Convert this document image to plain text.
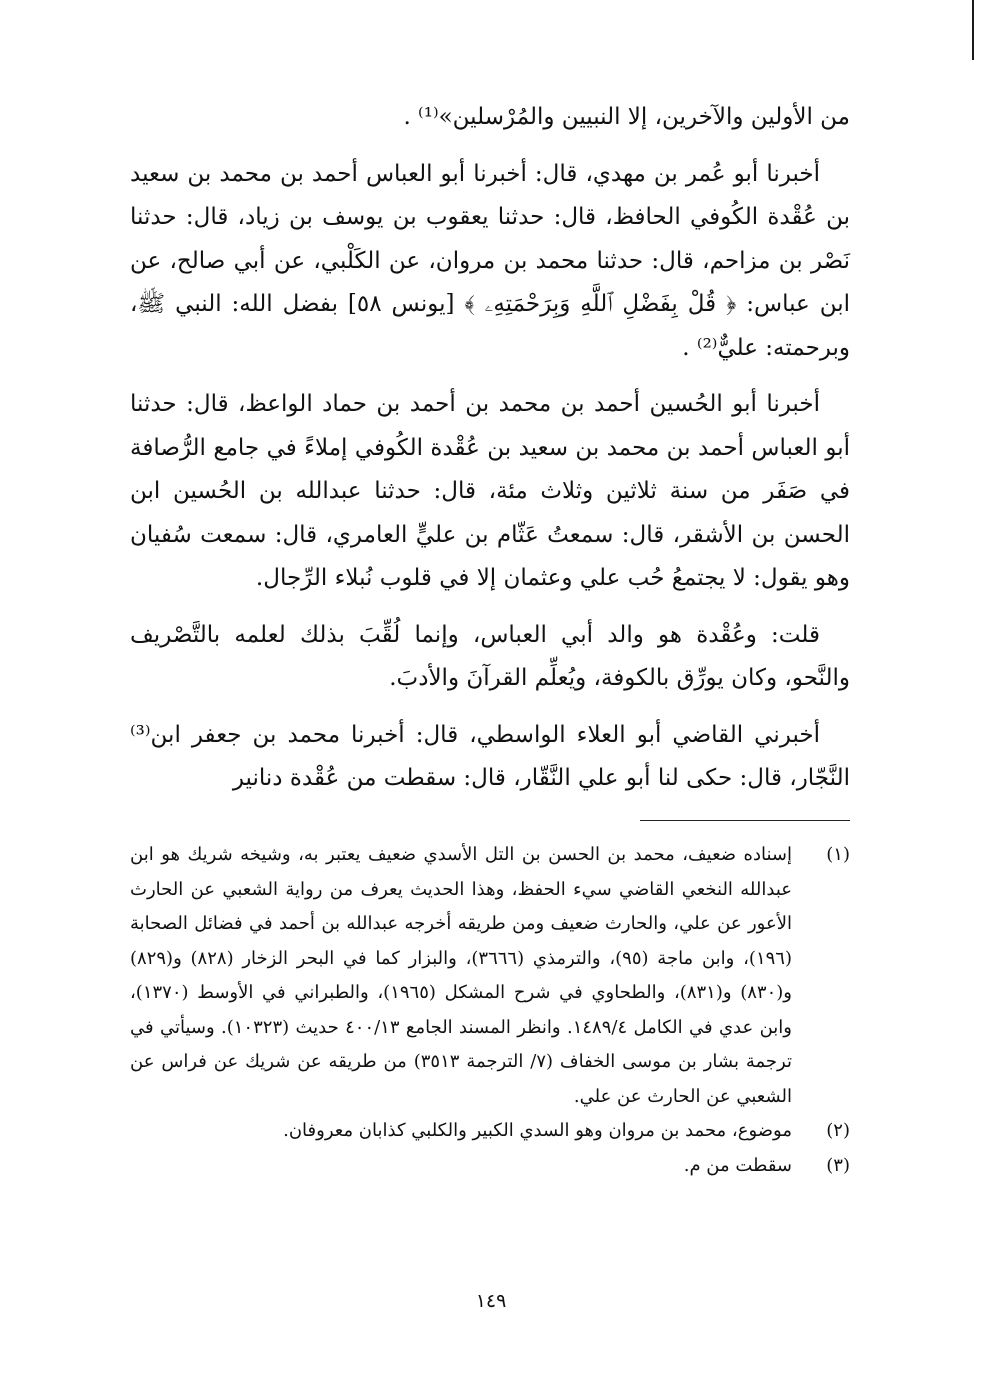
من الأولين والآخرين، إلا النبيين والمُرْسلين»⁽¹⁾ .

أخبرنا أبو عُمر بن مهدي، قال: أخبرنا أبو العباس أحمد بن محمد بن سعيد بن عُقْدة الكُوفي الحافظ، قال: حدثنا يعقوب بن يوسف بن زياد، قال: حدثنا نَصْر بن مزاحم، قال: حدثنا محمد بن مروان، عن الكَلْبي، عن أبي صالح، عن ابن عباس: ﴿ قُلْ بِفَضْلِ ٱللَّهِ وَبِرَحْمَتِهِۦ ﴾ [يونس ٥٨] بفضل الله: النبي ﷺ، وبرحمته: عليٌّ⁽²⁾ .

أخبرنا أبو الحُسين أحمد بن محمد بن أحمد بن حماد الواعظ، قال: حدثنا أبو العباس أحمد بن محمد بن سعيد بن عُقْدة الكُوفي إملاءً في جامع الرُّصافة في صَفَر من سنة ثلاثين وثلاث مئة، قال: حدثنا عبدالله بن الحُسين ابن الحسن بن الأشقر، قال: سمعتُ عَثّام بن عليٍّ العامري، قال: سمعت سُفيان وهو يقول: لا يجتمعُ حُب علي وعثمان إلا في قلوب نُبلاء الرِّجال.

قلت: وعُقْدة هو والد أبي العباس، وإنما لُقِّبَ بذلك لعلمه بالتَّصْريف والنَّحو، وكان يورِّق بالكوفة، ويُعلِّم القرآنَ والأدبَ.

أخبرني القاضي أبو العلاء الواسطي، قال: أخبرنا محمد بن جعفر ابن⁽³⁾ النَّجّار، قال: حكى لنا أبو علي النَّقّار، قال: سقطت من عُقْدة دنانير

(١)
إسناده ضعيف، محمد بن الحسن بن التل الأسدي ضعيف يعتبر به، وشيخه شريك هو ابن عبدالله النخعي القاضي سيء الحفظ، وهذا الحديث يعرف من رواية الشعبي عن الحارث الأعور عن علي، والحارث ضعيف ومن طريقه أخرجه عبدالله بن أحمد في فضائل الصحابة (١٩٦)، وابن ماجة (٩٥)، والترمذي (٣٦٦٦)، والبزار كما في البحر الزخار (٨٢٨) و(٨٢٩) و(٨٣٠) و(٨٣١)، والطحاوي في شرح المشكل (١٩٦٥)، والطبراني في الأوسط (١٣٧٠)، وابن عدي في الكامل ١٤٨٩/٤. وانظر المسند الجامع ٤٠٠/١٣ حديث (١٠٣٢٣). وسيأتي في ترجمة بشار بن موسى الخفاف (٧/ الترجمة ٣٥١٣) من طريقه عن شريك عن فراس عن الشعبي عن الحارث عن علي.
(٢)
موضوع، محمد بن مروان وهو السدي الكبير والكلبي كذابان معروفان.
(٣)
سقطت من م.
١٤٩
